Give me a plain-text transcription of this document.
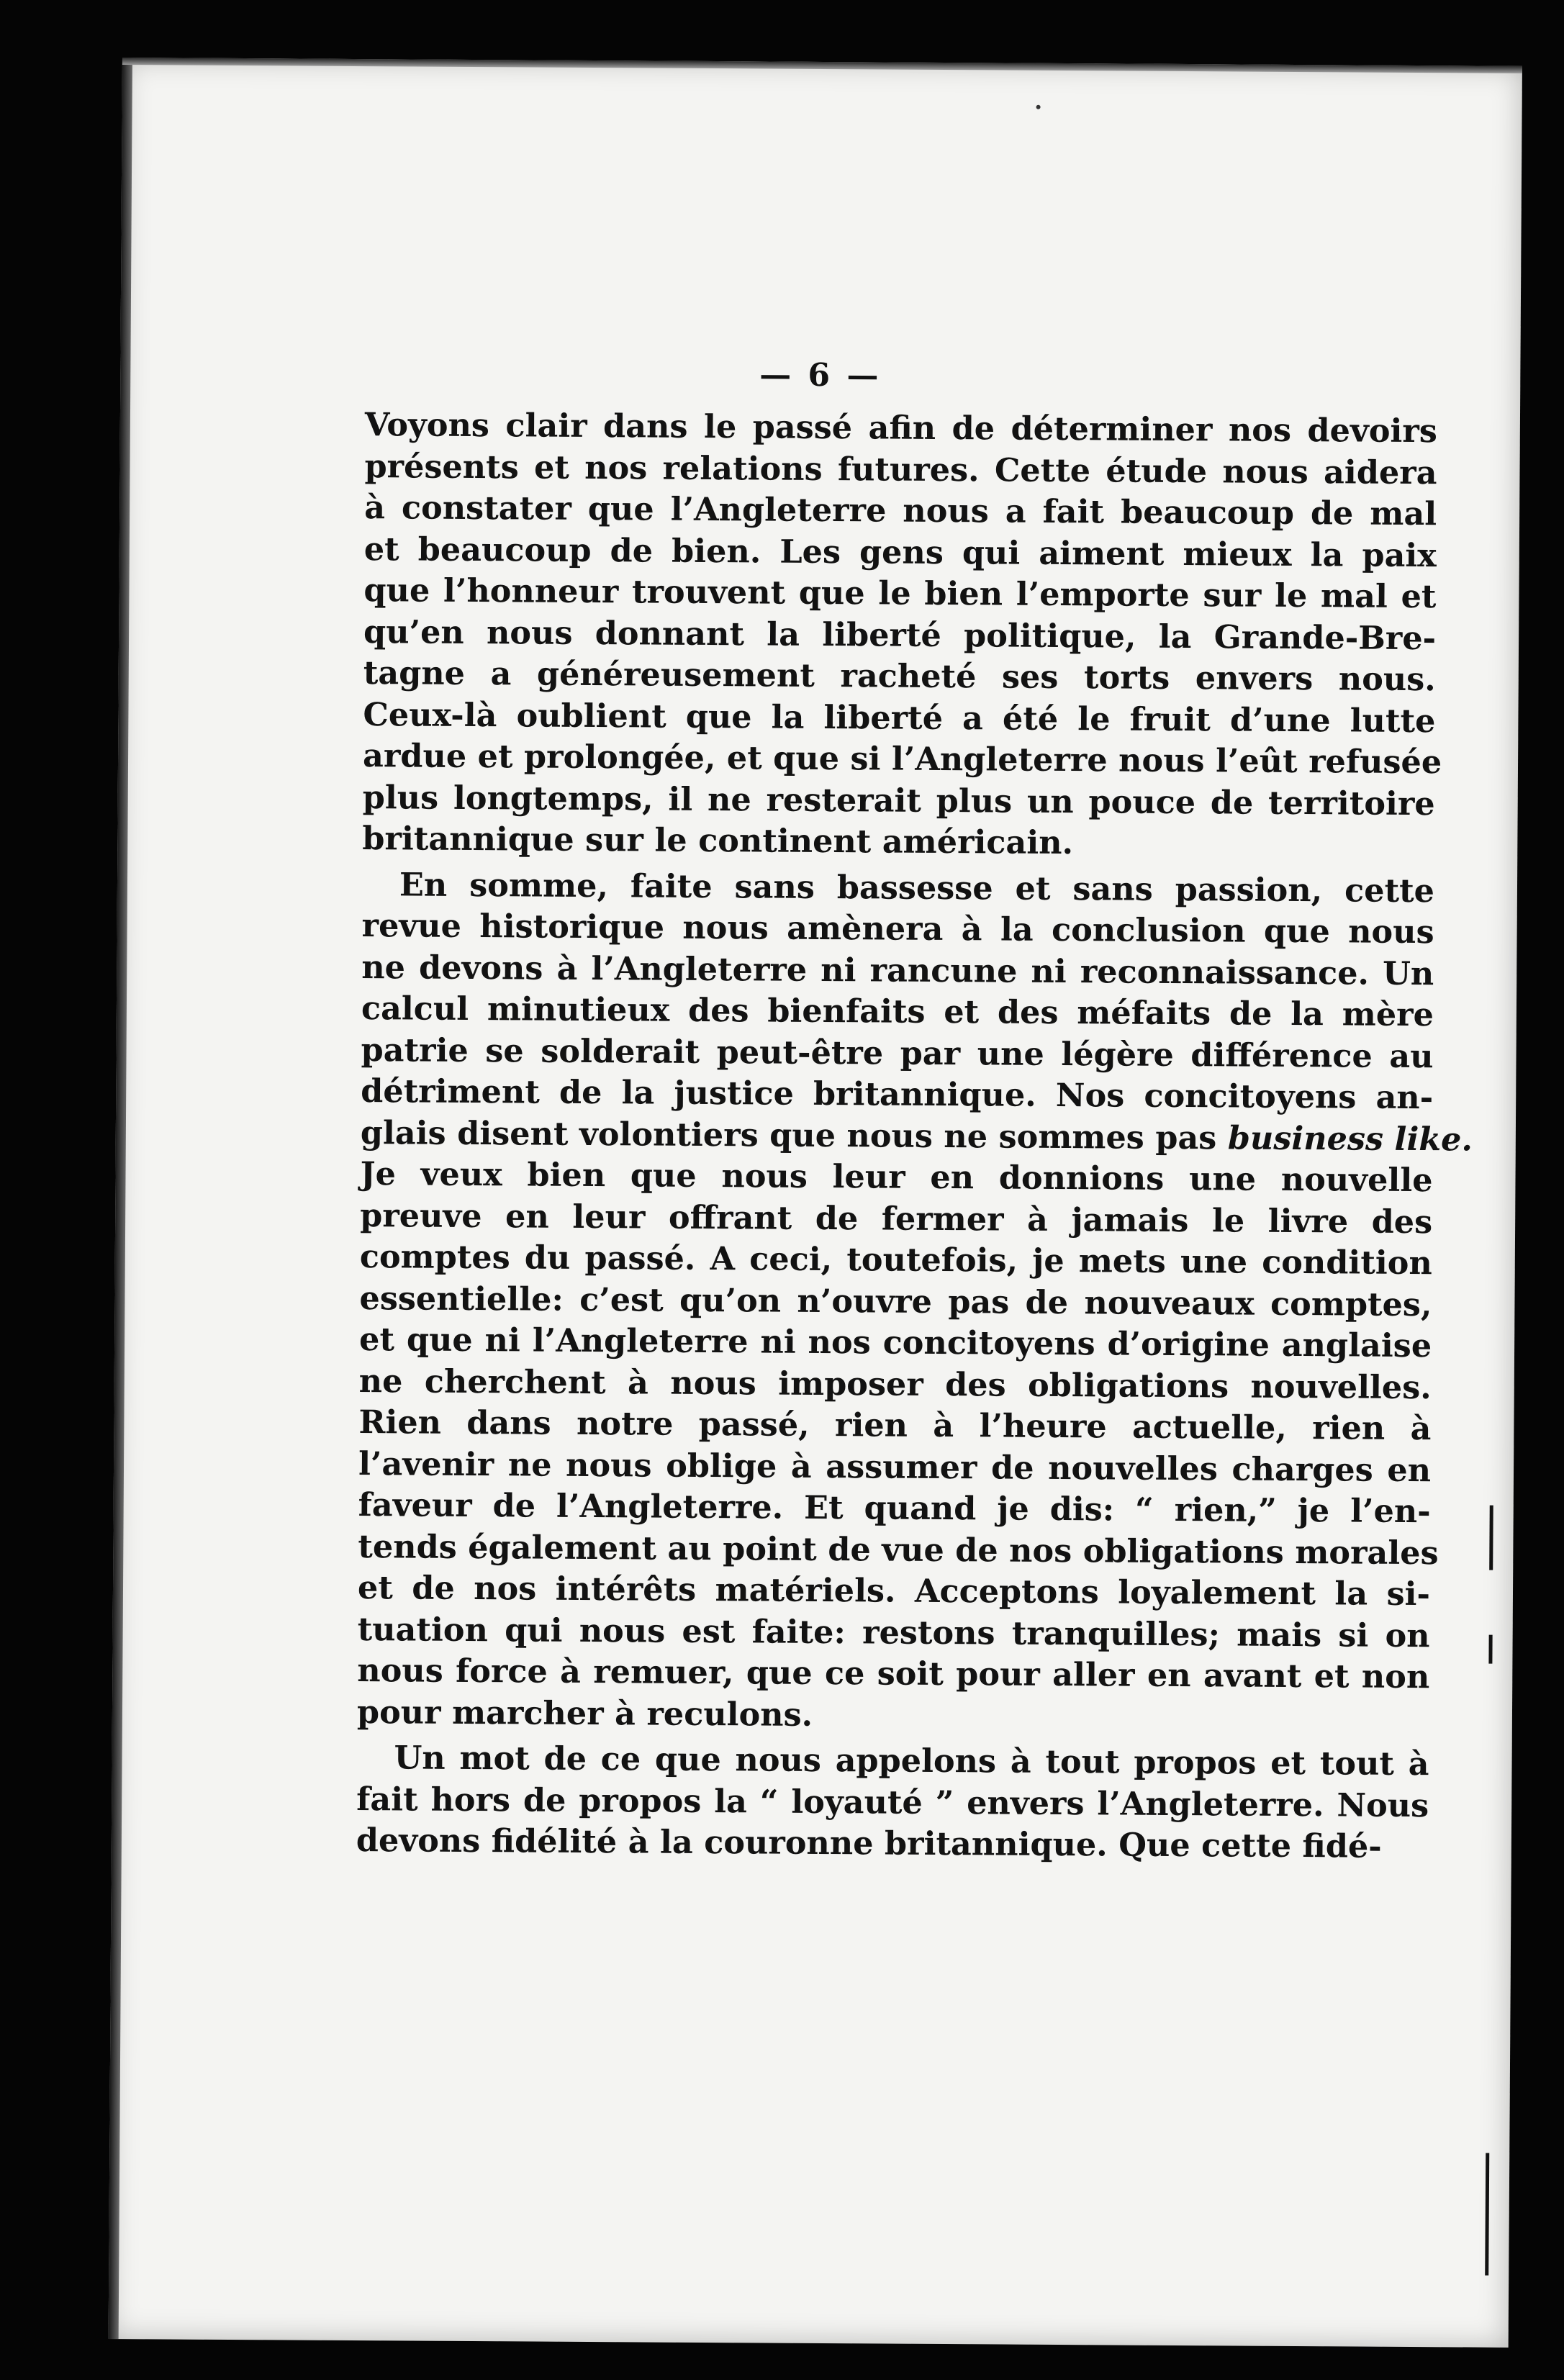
— 6 —
Voyons clair dans le passé afin de déterminer nos devoirs
présents et nos relations futures. Cette étude nous aidera
à constater que l’Angleterre nous a fait beaucoup de mal
et beaucoup de bien. Les gens qui aiment mieux la paix
que l’honneur trouvent que le bien l’emporte sur le mal et
qu’en nous donnant la liberté politique, la Grande-Bre-
tagne a généreusement racheté ses torts envers nous.
Ceux-là oublient que la liberté a été le fruit d’une lutte
ardue et prolongée, et que si l’Angleterre nous l’eût refusée
plus longtemps, il ne resterait plus un pouce de territoire
britannique sur le continent américain.
En somme, faite sans bassesse et sans passion, cette
revue historique nous amènera à la conclusion que nous
ne devons à l’Angleterre ni rancune ni reconnaissance. Un
calcul minutieux des bienfaits et des méfaits de la mère
patrie se solderait peut-être par une légère différence au
détriment de la justice britannique. Nos concitoyens an-
glais disent volontiers que nous ne sommes pas business like.
Je veux bien que nous leur en donnions une nouvelle
preuve en leur offrant de fermer à jamais le livre des
comptes du passé. A ceci, toutefois, je mets une condition
essentielle: c’est qu’on n’ouvre pas de nouveaux comptes,
et que ni l’Angleterre ni nos concitoyens d’origine anglaise
ne cherchent à nous imposer des obligations nouvelles.
Rien dans notre passé, rien à l’heure actuelle, rien à
l’avenir ne nous oblige à assumer de nouvelles charges en
faveur de l’Angleterre. Et quand je dis: “ rien,” je l’en-
tends également au point de vue de nos obligations morales
et de nos intérêts matériels. Acceptons loyalement la si-
tuation qui nous est faite: restons tranquilles; mais si on
nous force à remuer, que ce soit pour aller en avant et non
pour marcher à reculons.
Un mot de ce que nous appelons à tout propos et tout à
fait hors de propos la “ loyauté ” envers l’Angleterre. Nous
devons fidélité à la couronne britannique. Que cette fidé-
